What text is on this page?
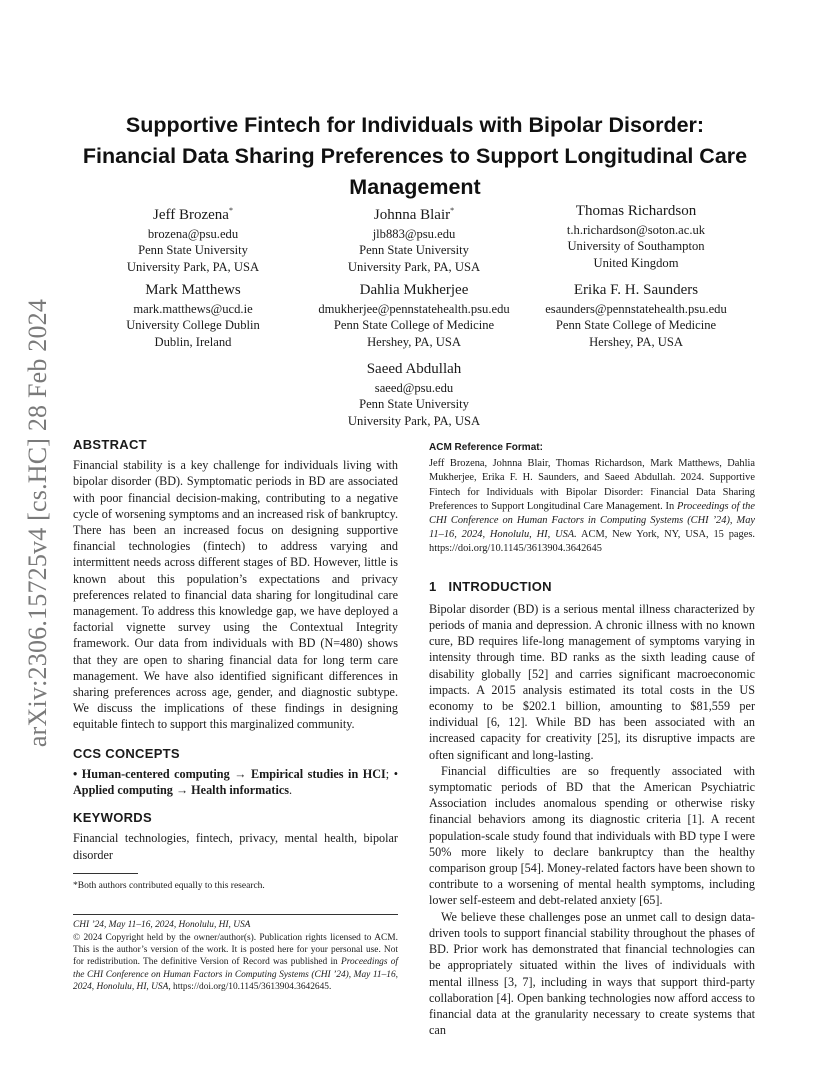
arXiv:2306.15725v4 [cs.HC] 28 Feb 2024
Supportive Fintech for Individuals with Bipolar Disorder:
Financial Data Sharing Preferences to Support Longitudinal Care
Management
Jeff Brozena*
brozena@psu.edu
Penn State University
University Park, PA, USA
Johnna Blair*
jlb883@psu.edu
Penn State University
University Park, PA, USA
Thomas Richardson
t.h.richardson@soton.ac.uk
University of Southampton
United Kingdom
Mark Matthews
mark.matthews@ucd.ie
University College Dublin
Dublin, Ireland
Dahlia Mukherjee
dmukherjee@pennstatehealth.psu.edu
Penn State College of Medicine
Hershey, PA, USA
Erika F. H. Saunders
esaunders@pennstatehealth.psu.edu
Penn State College of Medicine
Hershey, PA, USA
Saeed Abdullah
saeed@psu.edu
Penn State University
University Park, PA, USA
ABSTRACT

Financial stability is a key challenge for individuals living with bipolar disorder (BD). Symptomatic periods in BD are associated with poor financial decision-making, contributing to a negative cycle of worsening symptoms and an increased risk of bankruptcy. There has been an increased focus on designing supportive financial technologies (fintech) to address varying and intermittent needs across different stages of BD. However, little is known about this population’s expectations and privacy preferences related to financial data sharing for longitudinal care management. To address this knowledge gap, we have deployed a factorial vignette survey using the Contextual Integrity framework. Our data from individuals with BD (N=480) shows that they are open to sharing financial data for long term care management. We have also identified significant differences in sharing preferences across age, gender, and diagnostic subtype. We discuss the implications of these findings in designing equitable fintech to support this marginalized community.

CCS CONCEPTS

• Human-centered computing → Empirical studies in HCI; • Applied computing → Health informatics.

KEYWORDS

Financial technologies, fintech, privacy, mental health, bipolar disorder

*Both authors contributed equally to this research.

CHI ’24, May 11–16, 2024, Honolulu, HI, USA
© 2024 Copyright held by the owner/author(s). Publication rights licensed to ACM. This is the author’s version of the work. It is posted here for your personal use. Not for redistribution. The definitive Version of Record was published in Proceedings of the CHI Conference on Human Factors in Computing Systems (CHI ’24), May 11–16, 2024, Honolulu, HI, USA, https://doi.org/10.1145/3613904.3642645.
ACM Reference Format:

Jeff Brozena, Johnna Blair, Thomas Richardson, Mark Matthews, Dahlia Mukherjee, Erika F. H. Saunders, and Saeed Abdullah. 2024. Supportive Fintech for Individuals with Bipolar Disorder: Financial Data Sharing Preferences to Support Longitudinal Care Management. In Proceedings of the CHI Conference on Human Factors in Computing Systems (CHI ’24), May 11–16, 2024, Honolulu, HI, USA. ACM, New York, NY, USA, 15 pages. https://doi.org/10.1145/3613904.3642645

1 INTRODUCTION

Bipolar disorder (BD) is a serious mental illness characterized by periods of mania and depression. A chronic illness with no known cure, BD requires life-long management of symptoms varying in intensity through time. BD ranks as the sixth leading cause of disability globally [52] and carries significant macroeconomic impacts. A 2015 analysis estimated its total costs in the US economy to be $202.1 billion, amounting to $81,559 per individual [6, 12]. While BD has been associated with an increased capacity for creativity [25], its disruptive impacts are often significant and long-lasting.

Financial difficulties are so frequently associated with symptomatic periods of BD that the American Psychiatric Association includes anomalous spending or otherwise risky financial behaviors among its diagnostic criteria [1]. A recent population-scale study found that individuals with BD type I were 50% more likely to declare bankruptcy than the healthy comparison group [54]. Money-related factors have been shown to contribute to a worsening of mental health symptoms, including lower self-esteem and debt-related anxiety [65].

We believe these challenges pose an unmet call to design data-driven tools to support financial stability throughout the phases of BD. Prior work has demonstrated that financial technologies can be appropriately situated within the lives of individuals with mental illness [3, 7], including in ways that support third-party collaboration [4]. Open banking technologies now afford access to financial data at the granularity necessary to create systems that can
